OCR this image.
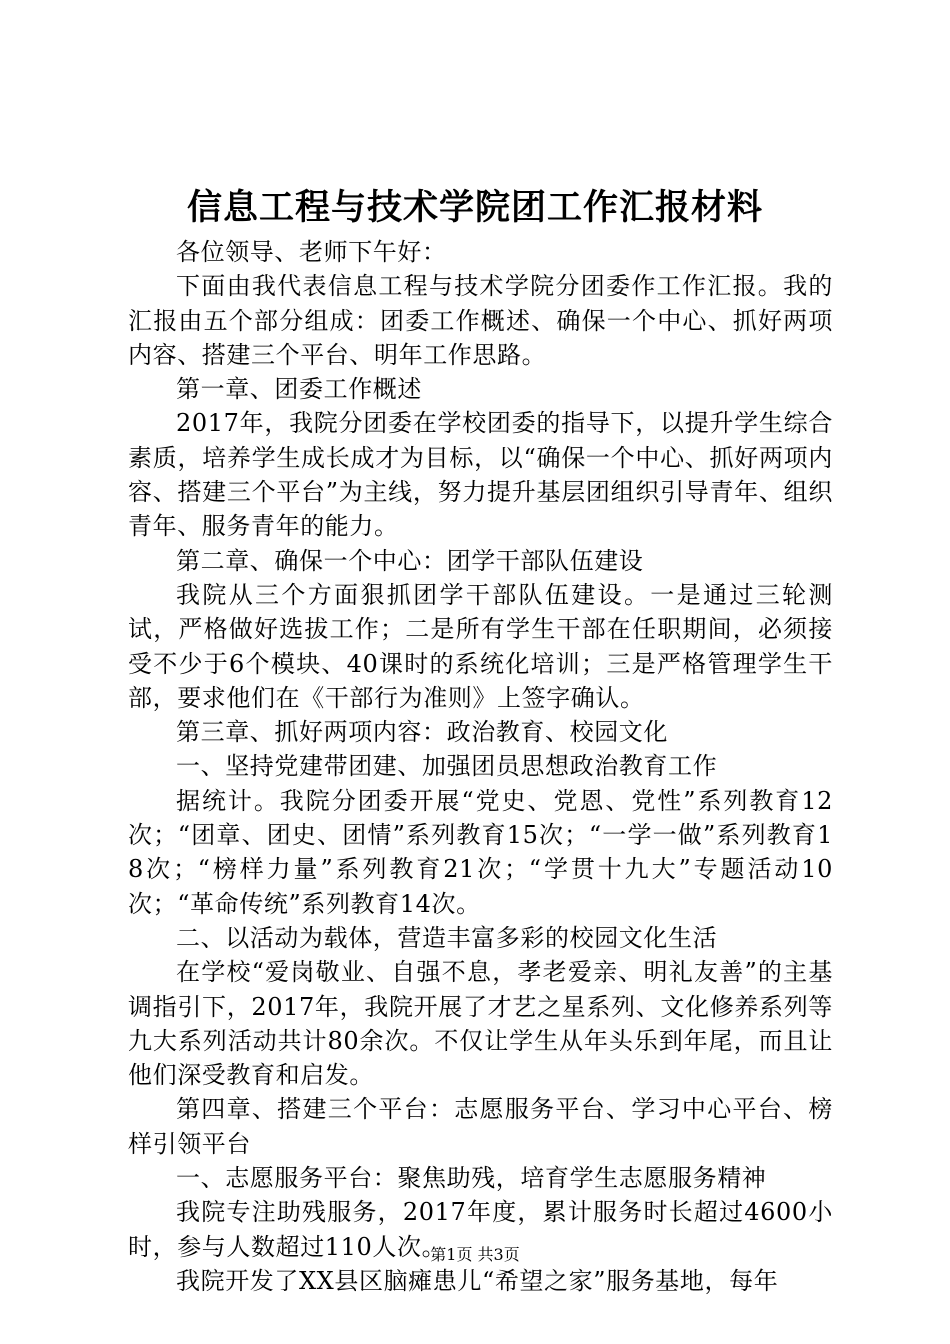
信息工程与技术学院团工作汇报材料

各位领导、老师下午好：

下面由我代表信息工程与技术学院分团委作工作汇报。我的汇报由五个部分组成：团委工作概述、确保一个中心、抓好两项内容、搭建三个平台、明年工作思路。

第一章、团委工作概述

2017年，我院分团委在学校团委的指导下，以提升学生综合素质，培养学生成长成才为目标，以“确保一个中心、抓好两项内容、搭建三个平台”为主线，努力提升基层团组织引导青年、组织青年、服务青年的能力。

第二章、确保一个中心：团学干部队伍建设

我院从三个方面狠抓团学干部队伍建设。一是通过三轮测试，严格做好选拔工作；二是所有学生干部在任职期间，必须接受不少于6个模块、40课时的系统化培训；三是严格管理学生干部，要求他们在《干部行为准则》上签字确认。

第三章、抓好两项内容：政治教育、校园文化

一、坚持党建带团建、加强团员思想政治教育工作

据统计。我院分团委开展“党史、党恩、党性”系列教育12次；“团章、团史、团情”系列教育15次；“一学一做”系列教育18次；“榜样力量”系列教育21次；“学贯十九大”专题活动10次；“革命传统”系列教育14次。

二、以活动为载体，营造丰富多彩的校园文化生活

在学校“爱岗敬业、自强不息，孝老爱亲、明礼友善”的主基调指引下，2017年，我院开展了才艺之星系列、文化修养系列等九大系列活动共计80余次。不仅让学生从年头乐到年尾，而且让他们深受教育和启发。

第四章、搭建三个平台：志愿服务平台、学习中心平台、榜样引领平台

一、志愿服务平台：聚焦助残，培育学生志愿服务精神

我院专注助残服务，2017年度，累计服务时长超过4600小时，参与人数超过110人次。

我院开发了XX县区脑瘫患儿“希望之家”服务基地，每年

第1页 共3页
